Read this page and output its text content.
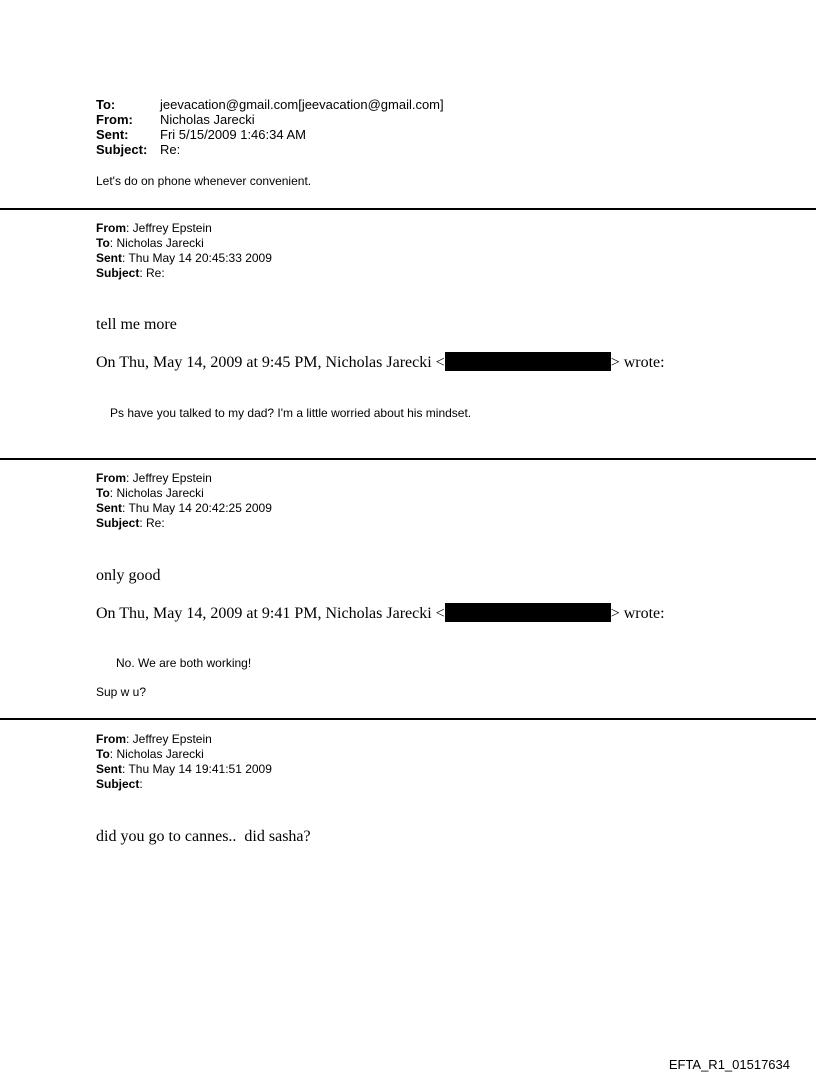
To:	jeevacation@gmail.com[jeevacation@gmail.com]
From:	Nicholas Jarecki
Sent:	Fri 5/15/2009 1:46:34 AM
Subject: Re:
Let's do on phone whenever convenient.
From: Jeffrey Epstein
To: Nicholas Jarecki
Sent: Thu May 14 20:45:33 2009
Subject: Re:
tell me more
On Thu, May 14, 2009 at 9:45 PM, Nicholas Jarecki <	> wrote:
Ps have you talked to my dad? I'm a little worried about his mindset.
From: Jeffrey Epstein
To: Nicholas Jarecki
Sent: Thu May 14 20:42:25 2009
Subject: Re:
only good
On Thu, May 14, 2009 at 9:41 PM, Nicholas Jarecki <	> wrote:
No. We are both working!
Sup w u?
From: Jeffrey Epstein
To: Nicholas Jarecki
Sent: Thu May 14 19:41:51 2009
Subject:
did you go to cannes..  did sasha?
EFTA_R1_01517634
